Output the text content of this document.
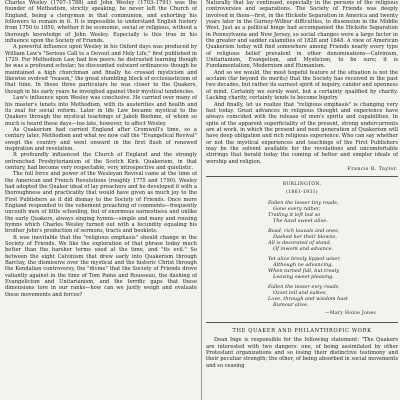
Charles Wesley (1707–1788) and John Wesley (1703–1791) was the founder of Methodism, strictly speaking, he never left the Church of England, being a clergyman in that communion, and exhorting his followers to remain in it. It is impossible to understand English history from 1750 to 1850, whether it be economic, social or religious, without a thorough knowledge of John Wesley. Especially is this true in his influence upon the Society of Friends.

A powerful influence upon Wesley in his Oxford days was produced by William Law's "Serious Call to a Devout and Holy Life," first published in 1729. For Methodism Law had few peers; he distrusted learning though he was a profound scholar; he discounted outward ordinances though he maintained a high churchman and finally he crossed mysticism and likewise evolved "reason," the great stumbling block of ecclesiasticism of that time. In these three particulars he was closer to the Quakers, though in his early years he inveighed against their mystical tendencies.

Law's influence upon Wesley was conclusive. He carried over many of his master's tenets into Methodism, with its austerities and health and its zeal for social reform. Later in life Law became mystical to the Quakers through the mystical teachings of Jakob Boehme, of whom so much is heard these days—too late, however, to affect Wesley.

As Quakerism had carried England after Cromwell's time, so a century later, Methodism and what we now call the "Evangelical Revival" swept the country and went onward in the first flush of renewed inspiration and revelation.

It profoundly influenced the Church of England and the strongly entrenched Presbyterianism of the Scotch Kirk. Quakerism, in that century, had become very respectable, very introspective and quietistic.

The full force and power of the Wesleyan Revival came at the time of the American and French Revolutions (roughly 1775 and 1790). Wesley had adopted the Quaker ideal of lay preachers and he developed it with a thoroughness and practicality that would have given as much joy to the First Publishers as it did dismay to the Society of Friends. Once more England responded to the vehement preaching of comments—frequently uncouth men of little schooling, but of enormous earnestness and unlike the early Quakers, always singing hymns—simple and many and rousing hymns which Charles Wesley turned out with a fecundity equaling his brother John's production of sermons, tracts and booklets.

It was inevitable that the "religious emphasis" should change in the Society of Friends. We like the exploration of that phrase today much better than the harsher terms used at the time, and "its evil." So between the eight Calvinism that drew early into Quakerism through Barclay, the dismissive over the mystical and the historic Christ through the Kendalian controversy, the "divine" that the Society of Friends drove valiantly against in the time of Tom Paine and Rousseau, the dashing of Evangelicism and Unitarianism, and the terrific gaps that these dimensions tore in our ranks—how can we justly weigh and evaluate these movements and forces?

Naturally that lay continued, especially in the persons of the religious controversies and separations. The Society of Friends was deeply involved in them—first, in the Hicksite Separation in America and twenty years later in the Gurney-Wilbur difficulties, to dissension in the Middle West. Just as a political hinge had accompanied the Hicksite Separation in Pennsylvania and New Jersey, so social changes were a large factor in the greater and sadder calamities of 1828 and 1848. A view of American Quakerism today will find somewhere among Friends nearly every type of religious belief prevalent in other denominations—Calvinism, Unitarianism, Evangelism, and Mysticism, to be sure; it is Fundamentalism, Modernism and Humanism.

And so we would, the most hopeful feature of the situation is not the acclaim (far beyond its merits) that the Society has received in the past two decades, but rather its earnest spirit of inquiry, candor and openness of mind. Certainly we surely want, but a certainty qualified by charity. Lacking charity, certainty tends to become bigotry.

And finally, let us realize that "religious emphasis" is changing very fast today. Great advances in religious thought and experience have always coincided with the release of men's spirits and capabilities. In spite of the apparent superficiality of the present, strong undercurrents are at work, in which the present and next generation of Quakerism will have deep obligation and rich religious experience. Who can say whether or not the mystical experiences and teachings of the First Publishers may be the solvent available for the revelations and uncomfortable stirrings that herald today the coming of better and simpler ideals of worship and religion.

Francis R. Taylor.

BURLINGTON.
(1861-1931)
Fallen the lesser tiny roads,
Gone every rather,
Trailing it left but so
The havd sweet alive.
Boad, rich lauvals and ones,
Dashed her their blowns,
All is decorated of stand,
Of inwork and advance.
Yet alice brooly lipped wiser,
Although ne advancing,
When turned full, but treaty
Leaving sweet pleasing.
Fallen the lesser evry roads,
Ozzet tell and sulkes,
Love, through and wisdom hast
Rumour alive.
—Mary Hoxie Jones
THE QUAKER AND PHILANTHROPIC WORK

Dean Inge is responsible for the following statement: "The Quakers are interested with two dangers: one, of being assimilated by other Protestant organizations and so losing their distinctive testimony and their peculiar strength; the other, of being absorbed in social movements and so ceasing
